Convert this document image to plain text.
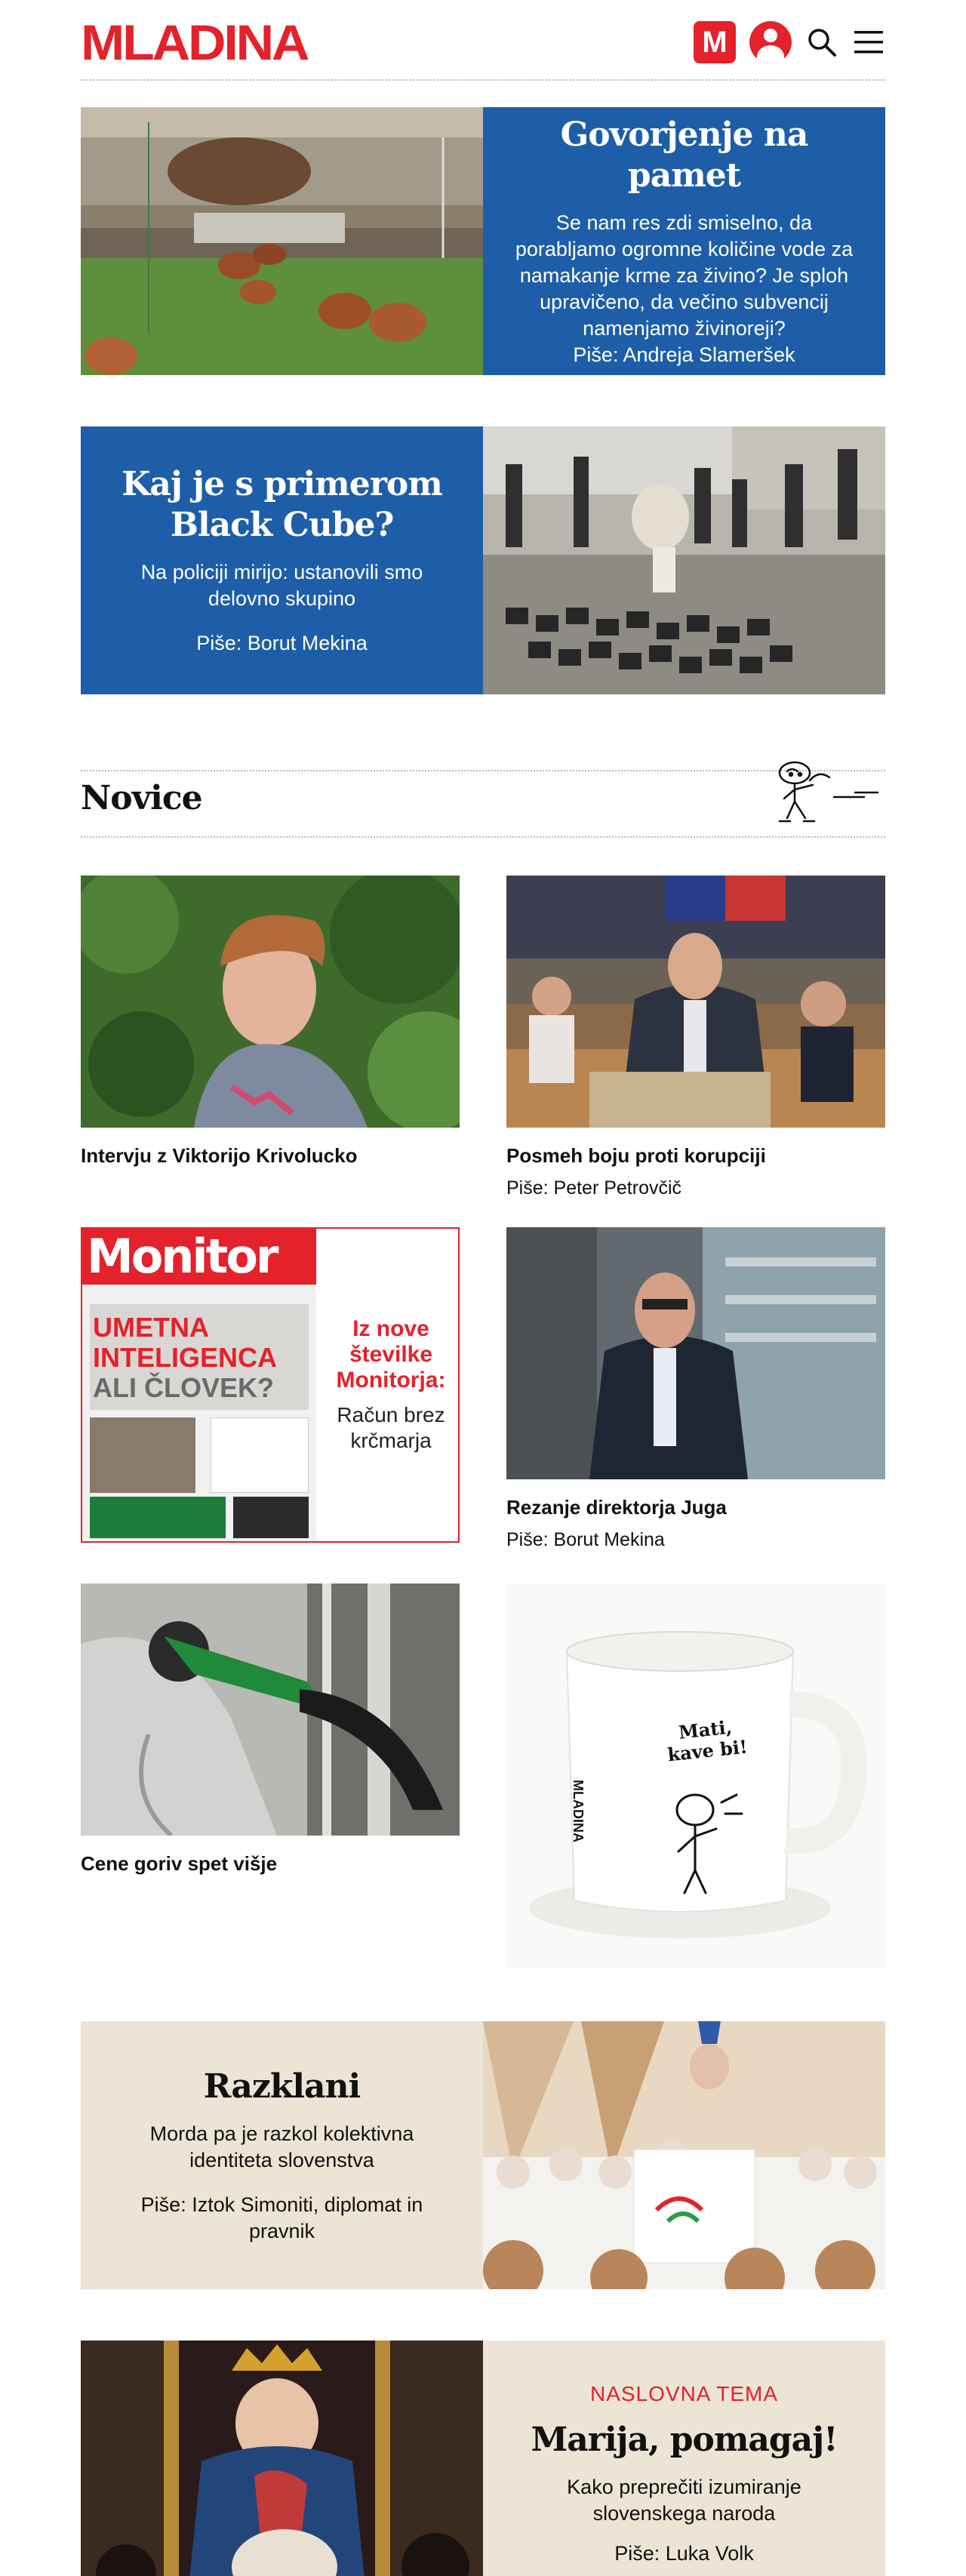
MLADINA	M
Govorjenje na pamet
Se nam res zdi smiselno, da porabljamo ogromne količine vode za namakanje krme za živino? Je sploh upravičeno, da večino subvencij namenjamo živinoreji?
Piše: Andreja Slameršek
Kaj je s primerom Black Cube?
Na policiji mirijo: ustanovili smo delovno skupino
Piše: Borut Mekina
Novice
Intervju z Viktorijo Krivolucko	Posmeh boju proti korupciji
Piše: Peter Petrovčič
Monitor
UMETNA
INTELIGENCA
ALI ČLOVEK?
Iz nove številke Monitorja:
Račun brez krčmarja
Rezanje direktorja Juga
Piše: Borut Mekina
Cene goriv spet višje
Mati, kave bi!
MLADINA
Razklani
Morda pa je razkol kolektivna identiteta slovenstva
Piše: Iztok Simoniti, diplomat in pravnik
NASLOVNA TEMA
Marija, pomagaj!
Kako preprečiti izumiranje slovenskega naroda
Piše: Luka Volk
